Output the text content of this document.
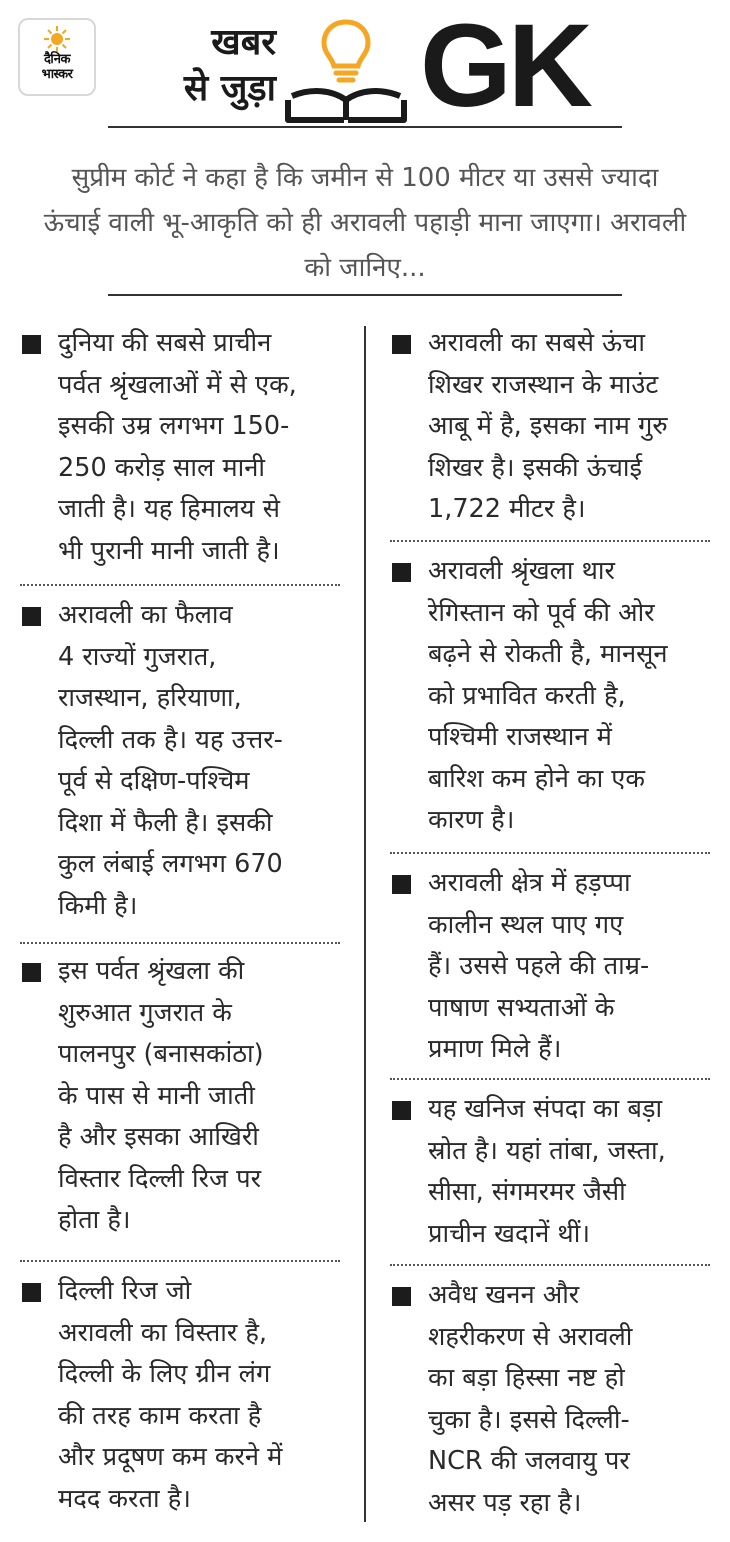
दैनिक
भास्कर
खबर
से जुड़ा GK
सुप्रीम कोर्ट ने कहा है कि जमीन से 100 मीटर या उससे ज्यादा ऊंचाई वाली भू-आकृति को ही अरावली पहाड़ी माना जाएगा। अरावली को जानिए...
दुनिया की सबसे प्राचीन
पर्वत श्रृंखलाओं में से एक,
इसकी उम्र लगभग 150-
250 करोड़ साल मानी
जाती है। यह हिमालय से
भी पुरानी मानी जाती है।
अरावली का फैलाव
4 राज्यों गुजरात,
राजस्थान, हरियाणा,
दिल्ली तक है। यह उत्तर-
पूर्व से दक्षिण-पश्चिम
दिशा में फैली है। इसकी
कुल लंबाई लगभग 670
किमी है।
इस पर्वत श्रृंखला की
शुरुआत गुजरात के
पालनपुर (बनासकांठा)
के पास से मानी जाती
है और इसका आखिरी
विस्तार दिल्ली रिज पर
होता है।
दिल्ली रिज जो
अरावली का विस्तार है,
दिल्ली के लिए ग्रीन लंग
की तरह काम करता है
और प्रदूषण कम करने में
मदद करता है।
अरावली का सबसे ऊंचा
शिखर राजस्थान के माउंट
आबू में है, इसका नाम गुरु
शिखर है। इसकी ऊंचाई
1,722 मीटर है।
अरावली श्रृंखला थार
रेगिस्तान को पूर्व की ओर
बढ़ने से रोकती है, मानसून
को प्रभावित करती है,
पश्चिमी राजस्थान में
बारिश कम होने का एक
कारण है।
अरावली क्षेत्र में हड़प्पा
कालीन स्थल पाए गए
हैं। उससे पहले की ताम्र-
पाषाण सभ्यताओं के
प्रमाण मिले हैं।
यह खनिज संपदा का बड़ा
स्रोत है। यहां तांबा, जस्ता,
सीसा, संगमरमर जैसी
प्राचीन खदानें थीं।
अवैध खनन और
शहरीकरण से अरावली
का बड़ा हिस्सा नष्ट हो
चुका है। इससे दिल्ली-
NCR की जलवायु पर
असर पड़ रहा है।
